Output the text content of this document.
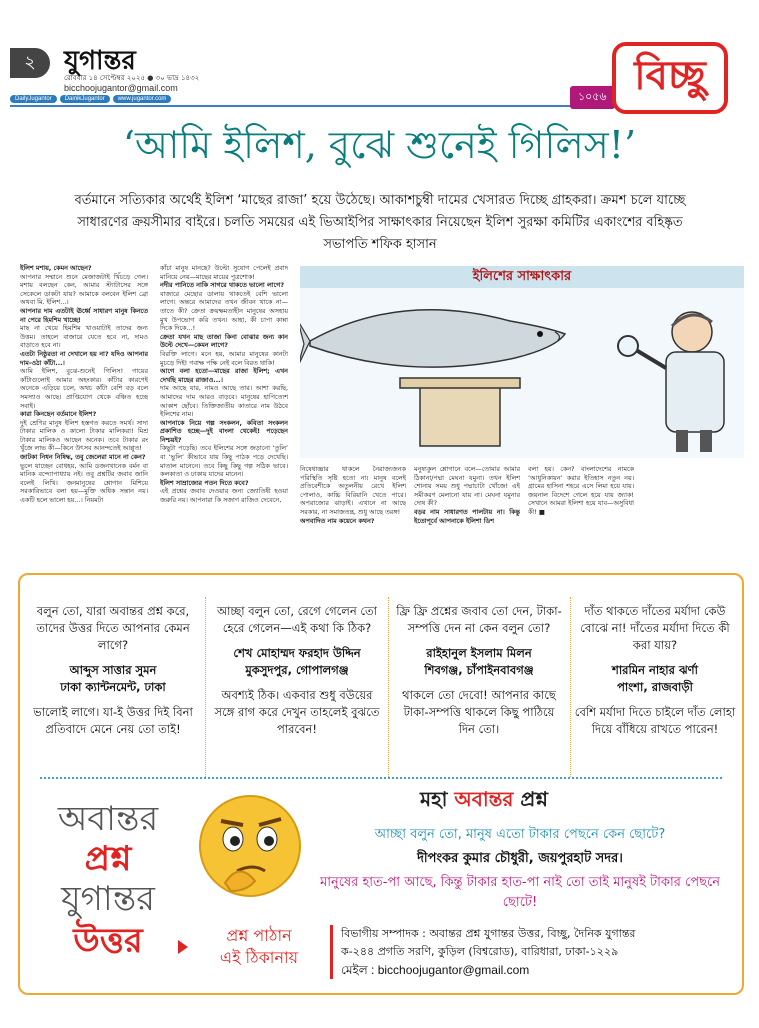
২	যুগান্তর
রোববার ১৪ সেপ্টেম্বর ২০২৫ ● ৩০ ভাদ্র ১৪৩২
bicchoojugantor@gmail.com
DailyJugantor	DainikJugantor	www.jugantor.com	১০৫৬ বিচ্ছু
‘আমি ইলিশ, বুঝে শুনেই গিলিস!’
বর্তমানে সত্যিকার অর্থেই ইলিশ ‘মাছের রাজা’ হয়ে উঠেছে। আকাশচুম্বী দামের খেসারত দিচ্ছে গ্রাহকরা। ক্রমশ চলে যাচ্ছে সাধারণের ক্রয়সীমার বাইরে। চলতি সময়ের এই ভিআইপির সাক্ষাৎকার নিয়েছেন ইলিশ সুরক্ষা কমিটির একাংশের বহিষ্কৃত সভাপতি শফিক হাসান
ইলিশ মশায়, কেমন আছেন?
আপনার সম্মানে শুনে মেজাজটাই খিঁচড়ে গেল। মশায় বলছেন কেন, আমার স্ট্যাটাসের সঙ্গে সেকেলে ডাকটা যায়? আমাকে বলবেন ইলিশ ব্রো অথবা মি. ইলিশ...।
আপনার দাম এতটাই ঊর্ধ্বে সাধারণ মানুষ কিনতে না পেরে হিমশিম খাচ্ছে!
মাছ না খেয়ে হিমশিম খাওয়াটাই তাদের জন্য উত্তম। তাহলে বাজারে যেতে হবে না, দামও বাড়াতে হবে না।
এতটা নিষ্ঠুরতা না দেখালে হয় না? যদিও আপনার দাম-ওঠা কাঁটা...।
আমি ইলিশ, বুঝে-শুনেই গিলিস! গায়ের কাঁটাগুলোই আমার অহংকার। কাঁটার কারণেই অনেকে এড়িয়ে চলে, অথচ কাঁটা বেশি বড় বলে সমস্যাও আছে। প্রাপ্তিযোগ থেকে বঞ্চিত হচ্ছে সবাই।
কারা কিনছেন বর্তমানে ইলিশ?
দুই শ্রেণির মানুষ ইলিশ হস্তগত করতে সমর্থ। সাদা টাকার মালিক ও কালো টাকার মালিকরা! মিশ্র টাকার মালিকও আছেন অনেক। তবে টাকার রং খুঁজে লাভ কী—কিনে উৎসব আনন্দতেই আপ্লুত!
জাটকা নিধন নিষিদ্ধ, তবু জেলেরা মানে না কেন?
ভুলে যাচ্ছেন বোধহয়, আমি ডজনখানেক বর্মন বা মানিক বন্দ্যোপাধ্যায় নই। তবু প্রশ্নটির জবাব জানি বলেই লিখি। জনমানুষের শ্লোগান মিশিয়ে সরকারিভাবে বলা হয়—মুক্তি অধিক সন্তান নয়। একটি হলে ভালো হয়...। নিয়মটা
কাঁচা মানুষ মানছে? উল্টো সুযোগ পেলেই প্রবাদ মানিয়ে নেয়—মাছের মায়ের পুত্রশোক!
নদীর পানিতে নাকি সাগরে থাকতে ভালো লাগে?
বাজারে মেছোর ডালায় থাকতেই বেশি ভালো লাগে। অন্তরে আমাদের তখন জীবন থাকে না—তাতে কী? ক্রেতা ক্রয়ক্ষমতাহীন মানুষের অসহায় মুখ উপভোগ করি তখন। আহা, কী চাপা কান্না দিকে দিকে...!
ক্রেতা যখন মাছ তাজা কিনা বোঝার জন্য কান উল্টে দেখে—কেমন লাগে?
বিরক্তি লাগে। মনে হয়, আমার মানুষের কানটা মুচড়ে দিই! গবাক্ষ পক্ষি নেই বলে বিরত থাকি!
আগে বলা হতো—মাছের রাজা ইলিশ; এখন দেখছি মাছের রাজাও...।
দাম আছে যার, নামও আছে তার। আশা করছি, আমাদের দাম আরও বাড়বে। মানুষের হাপিত্যেশ আকাশ ছোঁবে। তিক্তিজাতীয় কাতারে নাম উঠবে ইলিশের নাম।
আপনাকে নিয়ে গল্প সংকলন, কবিতা সংকলন প্রকাশিত হচ্ছে—দুই বাংলা থেকেই! পড়েছেন নিশ্চয়ই?
কিছুটা পড়েছি। তবে ইলিশের সঙ্গে জড়ানো ‘তুলি’ বা ‘ভুলি’ কীভাবে যায় কিছু পাঠক পড়ে দেখেছি। মাতাল মানেনে। তবে কিছু কিছু গল্প সঠিক ভাবে। কলকাতা ও ঢাকায় যাদের মানেন।
ইলিশ সাম্রাজ্যের পতন দিতে কবে?
এই প্রশ্নের জবাব দেওয়ার জন্য জ্যোতিষী হওয়া জরুরি নয়। আপনারা কি সজাগ রাজিও দেবেনে,
ইলিশের সাক্ষাৎকার
নিষেধাজ্ঞার থাকলে নৈরাজ্যজনক পরিস্থিতি সৃষ্টি হতো না। মানুষ বলেই প্রতিবেশীকে অতুলনীয় রেখে ইলিশ পোলাও, কাচ্চি বিরিয়ানি খেতে পারে। অপরাজ্যের ঝাড়াই। এখানে না আছে সরকার, না সমাজতন্ত্র, শুধু আছে তরঙ্গ!
অপবাদিত নাম কয়েনে কথন?
মনুষ্যকুল শ্লোগানে বলে—তোমার আমার ঠিকানা/পদ্মা মেঘনা যমুনা। তখন ইলিশ শোনায় সময় শুধু পদ্মাচাটা খোঁজে! এই সমীকরণ মেলানো যায় না। মেঘনা যমুনার দোষ কী?
বড়র নাম সাধারণত পালটায় না। কিন্তু ইতোপূর্বে আপনাকে ইলিশা ডিশ
বলা হয়। কেন? বাংলাদেশের নামকে ‘আধুনিকায়ন’ করার ইতিহাস নতুন নয়। গ্রামের হাসিনা শহরে এসে লিমা হয়ে যায়। জয়নাল বিদেশে গেলে হয়ে যায় জ্যাক! সেখানে আমরা ইলিশা হয়ে যাব—অসুবিধা কী! ■
বলুন তো, যারা অবান্তর প্রশ্ন করে, তাদের উত্তর দিতে আপনার কেমন লাগে?
আব্দুস সাত্তার সুমন
ঢাকা ক্যান্টনমেন্ট, ঢাকা
ভালোই লাগে। যা-ই উত্তর দিই বিনা প্রতিবাদে মেনে নেয় তো তাই!
আচ্ছা বলুন তো, রেগে গেলেন তো হেরে গেলেন—এই কথা কি ঠিক?
শেখ মোহাম্মদ ফরহাদ উদ্দিন
মুকসুদপুর, গোপালগঞ্জ
অবশ্যই ঠিক। একবার শুধু বউয়ের সঙ্গে রাগ করে দেখুন তাহলেই বুঝতে পারবেন!
ফ্রি ফ্রি প্রশ্নের জবাব তো দেন, টাকা-সম্পত্তি দেন না কেন বলুন তো?
রাইহানুল ইসলাম মিলন
শিবগঞ্জ, চাঁপাইনবাবগঞ্জ
থাকলে তো দেবো! আপনার কাছে টাকা-সম্পত্তি থাকলে কিছু পাঠিয়ে দিন তো।
দাঁত থাকতে দাঁতের মর্যাদা কেউ বোঝে না! দাঁতের মর্যাদা দিতে কী করা যায়?
শারমিন নাহার ঝর্ণা
পাংশা, রাজবাড়ী
বেশি মর্যাদা দিতে চাইলে দাঁত লোহা দিয়ে বাঁধিয়ে রাখতে পারেন!
অবান্তর
প্রশ্ন
যুগান্তর
উত্তর
মহা অবান্তর প্রশ্ন
আচ্ছা বলুন তো, মানুষ এতো টাকার পেছনে কেন ছোটে?
দীপংকর কুমার চৌধুরী, জয়পুরহাট সদর।
মানুষের হাত-পা আছে, কিন্তু টাকার হাত-পা নাই তো তাই মানুষই টাকার পেছনে ছোটে!
প্রশ্ন পাঠান
এই ঠিকানায়
বিভাগীয় সম্পাদক : অবান্তর প্রশ্ন যুগান্তর উত্তর, বিচ্ছু, দৈনিক যুগান্তর
ক-২৪৪ প্রগতি সরণি, কুড়িল (বিশ্বরোড), বারিধারা, ঢাকা-১২২৯
মেইল : bicchoojugantor@gmail.com
